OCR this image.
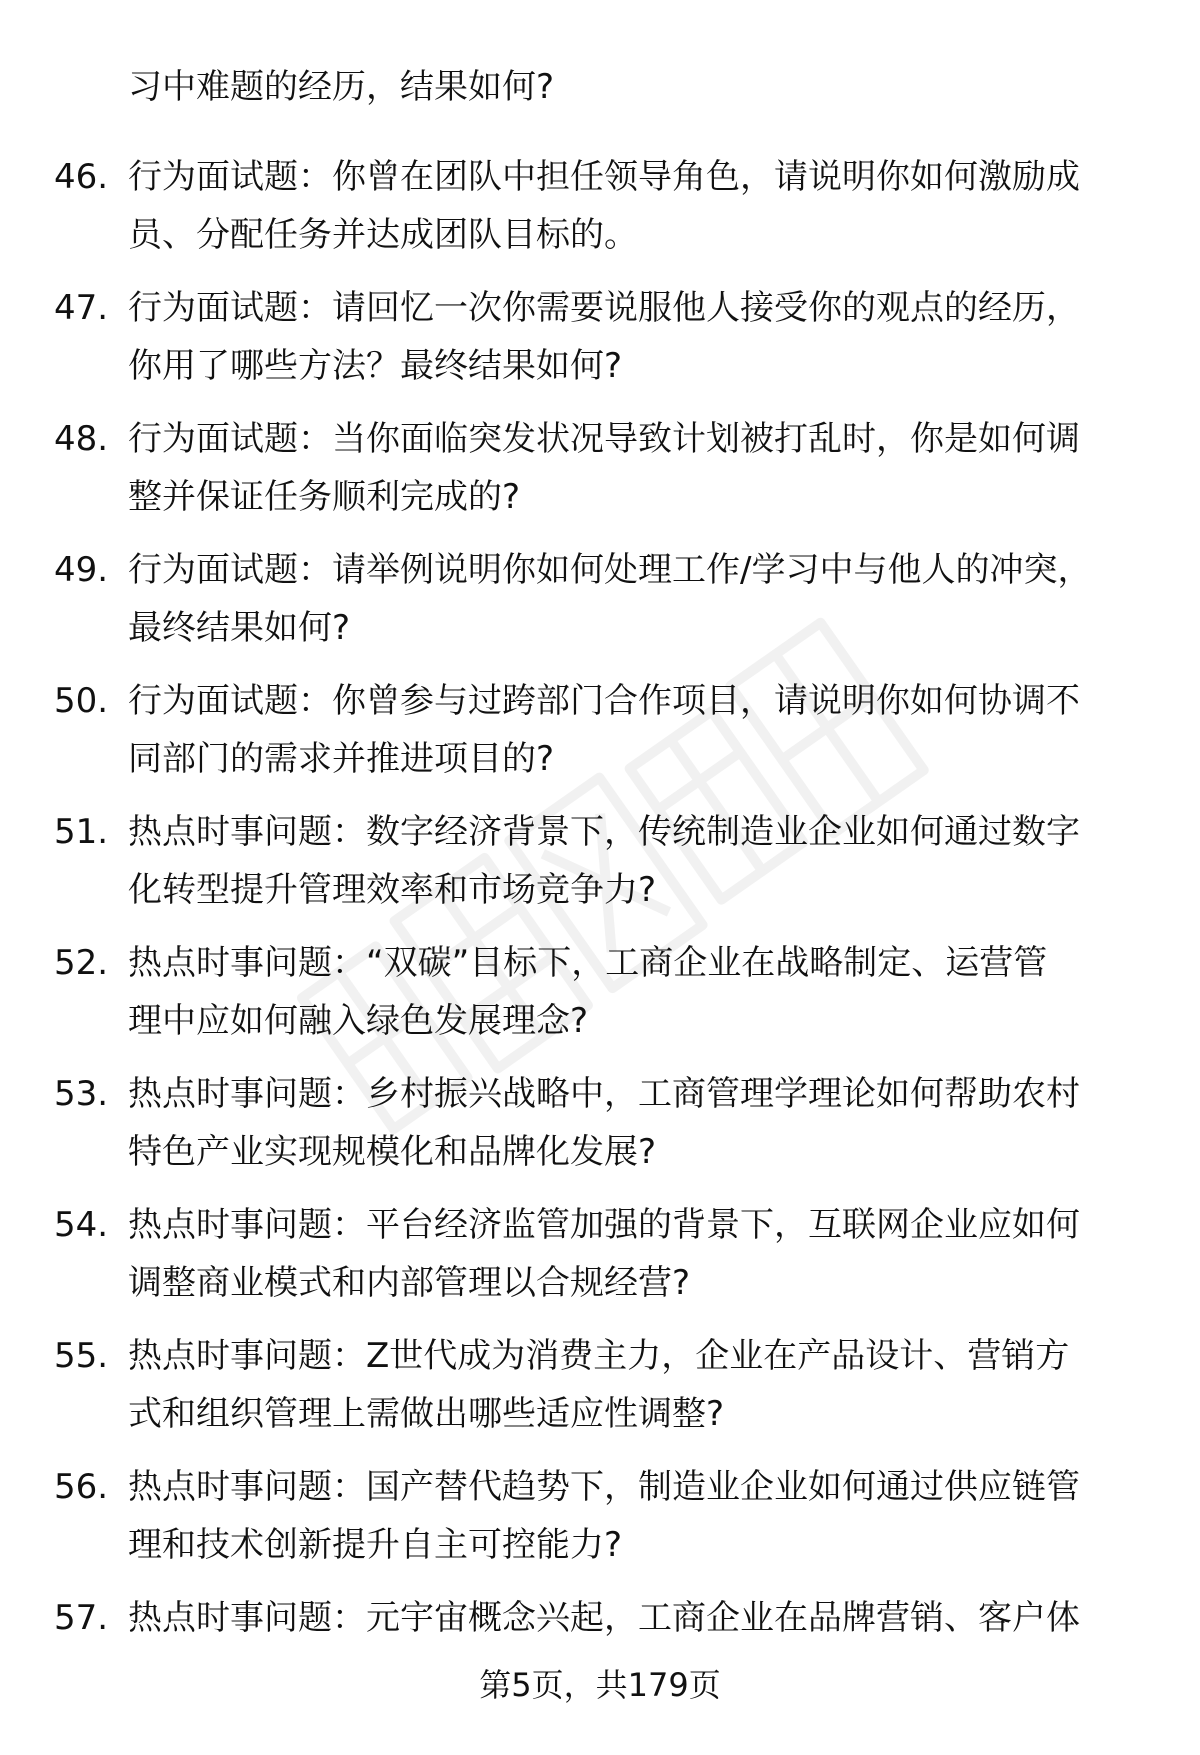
习中难题的经历，结果如何?
46. 行为面试题：你曾在团队中担任领导角色，请说明你如何激励成
员、分配任务并达成团队目标的。
47. 行为面试题：请回忆一次你需要说服他人接受你的观点的经历，
你用了哪些方法？最终结果如何?
48. 行为面试题：当你面临突发状况导致计划被打乱时，你是如何调
整并保证任务顺利完成的?
49. 行为面试题：请举例说明你如何处理工作/学习中与他人的冲突，
最终结果如何?
50. 行为面试题：你曾参与过跨部门合作项目，请说明你如何协调不
同部门的需求并推进项目的?
51. 热点时事问题：数字经济背景下，传统制造业企业如何通过数字
化转型提升管理效率和市场竞争力?
52. 热点时事问题：“双碳”目标下，工商企业在战略制定、运营管
理中应如何融入绿色发展理念?
53. 热点时事问题：乡村振兴战略中，工商管理学理论如何帮助农村
特色产业实现规模化和品牌化发展?
54. 热点时事问题：平台经济监管加强的背景下，互联网企业应如何
调整商业模式和内部管理以合规经营?
55. 热点时事问题：Z世代成为消费主力，企业在产品设计、营销方
式和组织管理上需做出哪些适应性调整?
56. 热点时事问题：国产替代趋势下，制造业企业如何通过供应链管
理和技术创新提升自主可控能力?
57. 热点时事问题：元宇宙概念兴起，工商企业在品牌营销、客户体
第5页，共179页
